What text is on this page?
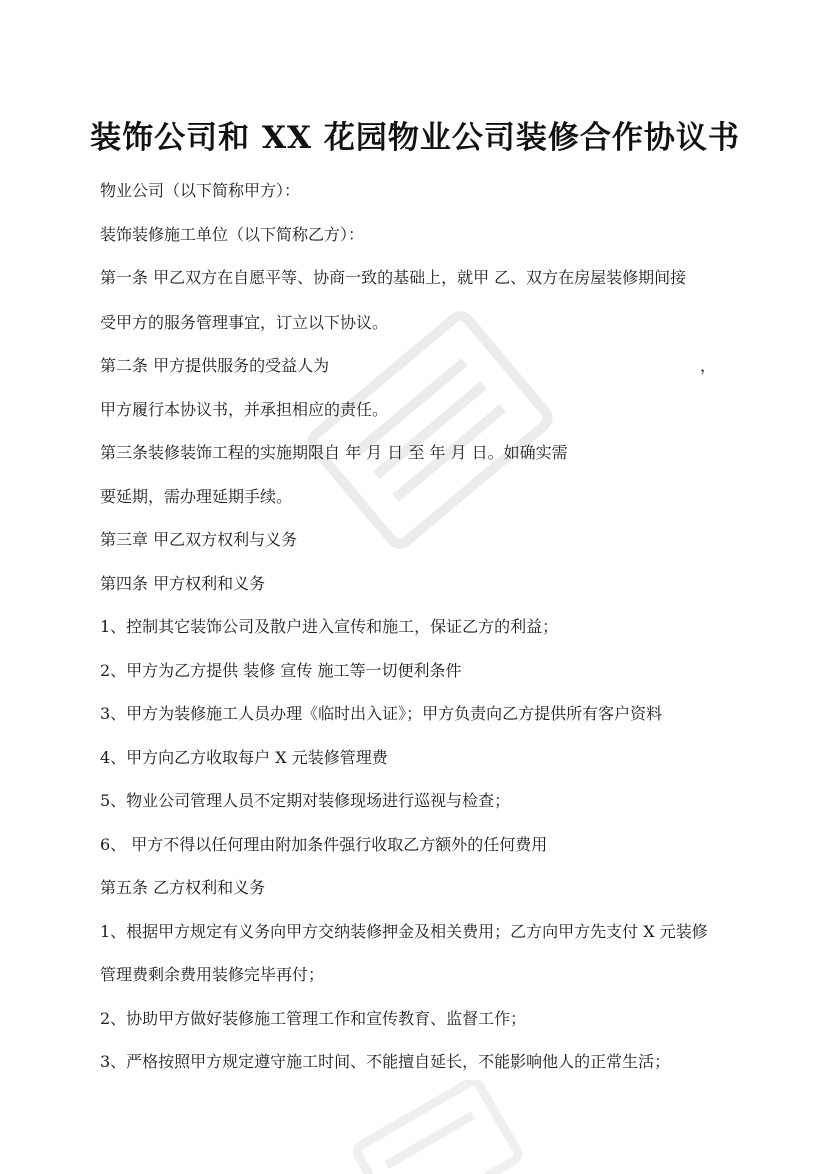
装饰公司和 XX 花园物业公司装修合作协议书
物业公司（以下简称甲方）：
装饰装修施工单位（以下简称乙方）：
第一条 甲乙双方在自愿平等、协商一致的基础上，就甲 乙、双方在房屋装修期间接
受甲方的服务管理事宜，订立以下协议。
第二条 甲方提供服务的受益人为	，
甲方履行本协议书，并承担相应的责任。
第三条装修装饰工程的实施期限自 年 月 日 至 年 月 日。如确实需
要延期，需办理延期手续。
第三章 甲乙双方权利与义务
第四条 甲方权利和义务
1、控制其它装饰公司及散户进入宣传和施工，保证乙方的利益；
2、甲方为乙方提供 装修 宣传 施工等一切便利条件
3、甲方为装修施工人员办理《临时出入证》；甲方负责向乙方提供所有客户资料
4、甲方向乙方收取每户 X 元装修管理费
5、物业公司管理人员不定期对装修现场进行巡视与检查；
6、 甲方不得以任何理由附加条件强行收取乙方额外的任何费用
第五条 乙方权利和义务
1、根据甲方规定有义务向甲方交纳装修押金及相关费用；乙方向甲方先支付 X 元装修
管理费剩余费用装修完毕再付；
2、协助甲方做好装修施工管理工作和宣传教育、监督工作；
3、严格按照甲方规定遵守施工时间、不能擅自延长，不能影响他人的正常生活；
